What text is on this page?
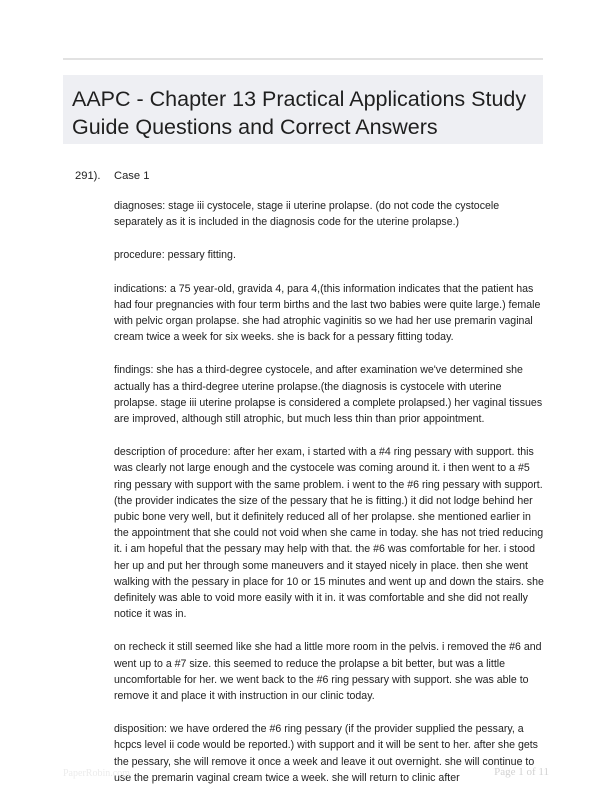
AAPC - Chapter 13 Practical Applications Study
Guide Questions and Correct Answers
291). Case 1

diagnoses: stage iii cystocele, stage ii uterine prolapse. (do not code the cystocele separately as it is included in the diagnosis code for the uterine prolapse.)

procedure: pessary fitting.

indications: a 75 year-old, gravida 4, para 4,(this information indicates that the patient has had four pregnancies with four term births and the last two babies were quite large.) female with pelvic organ prolapse. she had atrophic vaginitis so we had her use premarin vaginal cream twice a week for six weeks. she is back for a pessary fitting today.

findings: she has a third-degree cystocele, and after examination we've determined she actually has a third-degree uterine prolapse.(the diagnosis is cystocele with uterine prolapse. stage iii uterine prolapse is considered a complete prolapsed.) her vaginal tissues are improved, although still atrophic, but much less thin than prior appointment.

description of procedure: after her exam, i started with a #4 ring pessary with support. this was clearly not large enough and the cystocele was coming around it. i then went to a #5 ring pessary with support with the same problem. i went to the #6 ring pessary with support.(the provider indicates the size of the pessary that he is fitting.) it did not lodge behind her pubic bone very well, but it definitely reduced all of her prolapse. she mentioned earlier in the appointment that she could not void when she came in today. she has not tried reducing it. i am hopeful that the pessary may help with that. the #6 was comfortable for her. i stood her up and put her through some maneuvers and it stayed nicely in place. then she went walking with the pessary in place for 10 or 15 minutes and went up and down the stairs. she definitely was able to void more easily with it in. it was comfortable and she did not really notice it was in.

on recheck it still seemed like she had a little more room in the pelvis. i removed the #6 and went up to a #7 size. this seemed to reduce the prolapse a bit better, but was a little uncomfortable for her. we went back to the #6 ring pessary with support. she was able to remove it and place it with instruction in our clinic today.

disposition: we have ordered the #6 ring pessary (if the provider supplied the pessary, a hcpcs level ii code would be reported.) with support and it will be sent to her. after she gets the pessary, she will remove it once a week and leave it out overnight. she will continue to use the premarin vaginal cream twice a week. she will return to clinic after

PaperRobin.com	Page 1 of 11
